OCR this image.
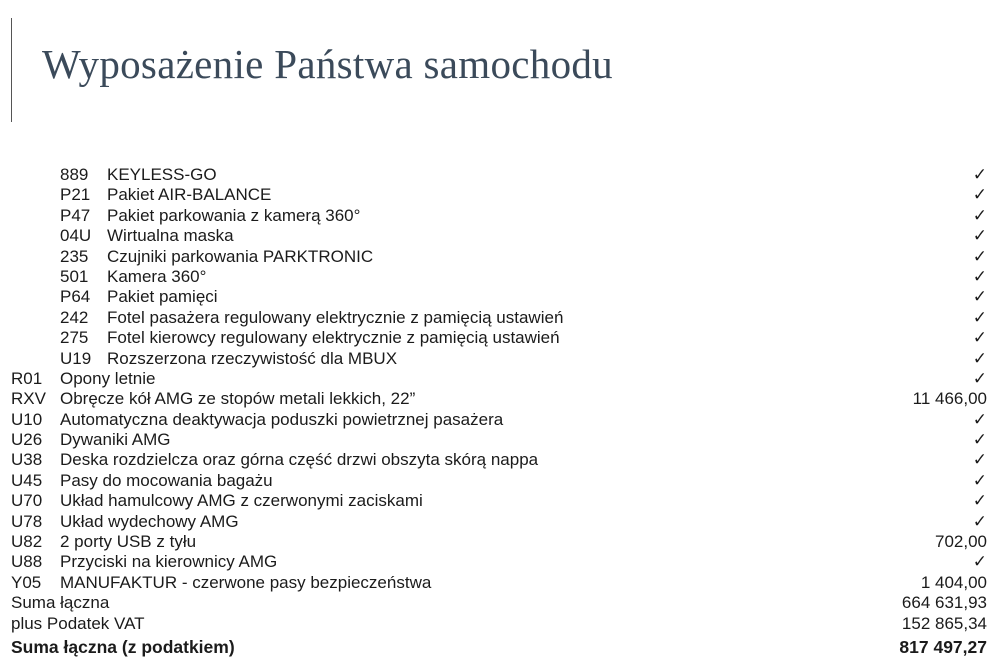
Wyposażenie Państwa samochodu
889 KEYLESS-GO	✓
P21 Pakiet AIR-BALANCE	✓
P47 Pakiet parkowania z kamerą 360°	✓
04U Wirtualna maska	✓
235 Czujniki parkowania PARKTRONIC	✓
501 Kamera 360°	✓
P64 Pakiet pamięci	✓
242 Fotel pasażera regulowany elektrycznie z pamięcią ustawień	✓
275 Fotel kierowcy regulowany elektrycznie z pamięcią ustawień	✓
U19 Rozszerzona rzeczywistość dla MBUX	✓
R01 Opony letnie	✓
RXV Obręcze kół AMG ze stopów metali lekkich, 22”	11 466,00
U10 Automatyczna deaktywacja poduszki powietrznej pasażera	✓
U26 Dywaniki AMG	✓
U38 Deska rozdzielcza oraz górna część drzwi obszyta skórą nappa	✓
U45 Pasy do mocowania bagażu	✓
U70 Układ hamulcowy AMG z czerwonymi zaciskami	✓
U78 Układ wydechowy AMG	✓
U82 2 porty USB z tyłu	702,00
U88 Przyciski na kierownicy AMG	✓
Y05 MANUFAKTUR - czerwone pasy bezpieczeństwa	1 404,00
Suma łączna	664 631,93
plus Podatek VAT	152 865,34
Suma łączna (z podatkiem)	817 497,27
